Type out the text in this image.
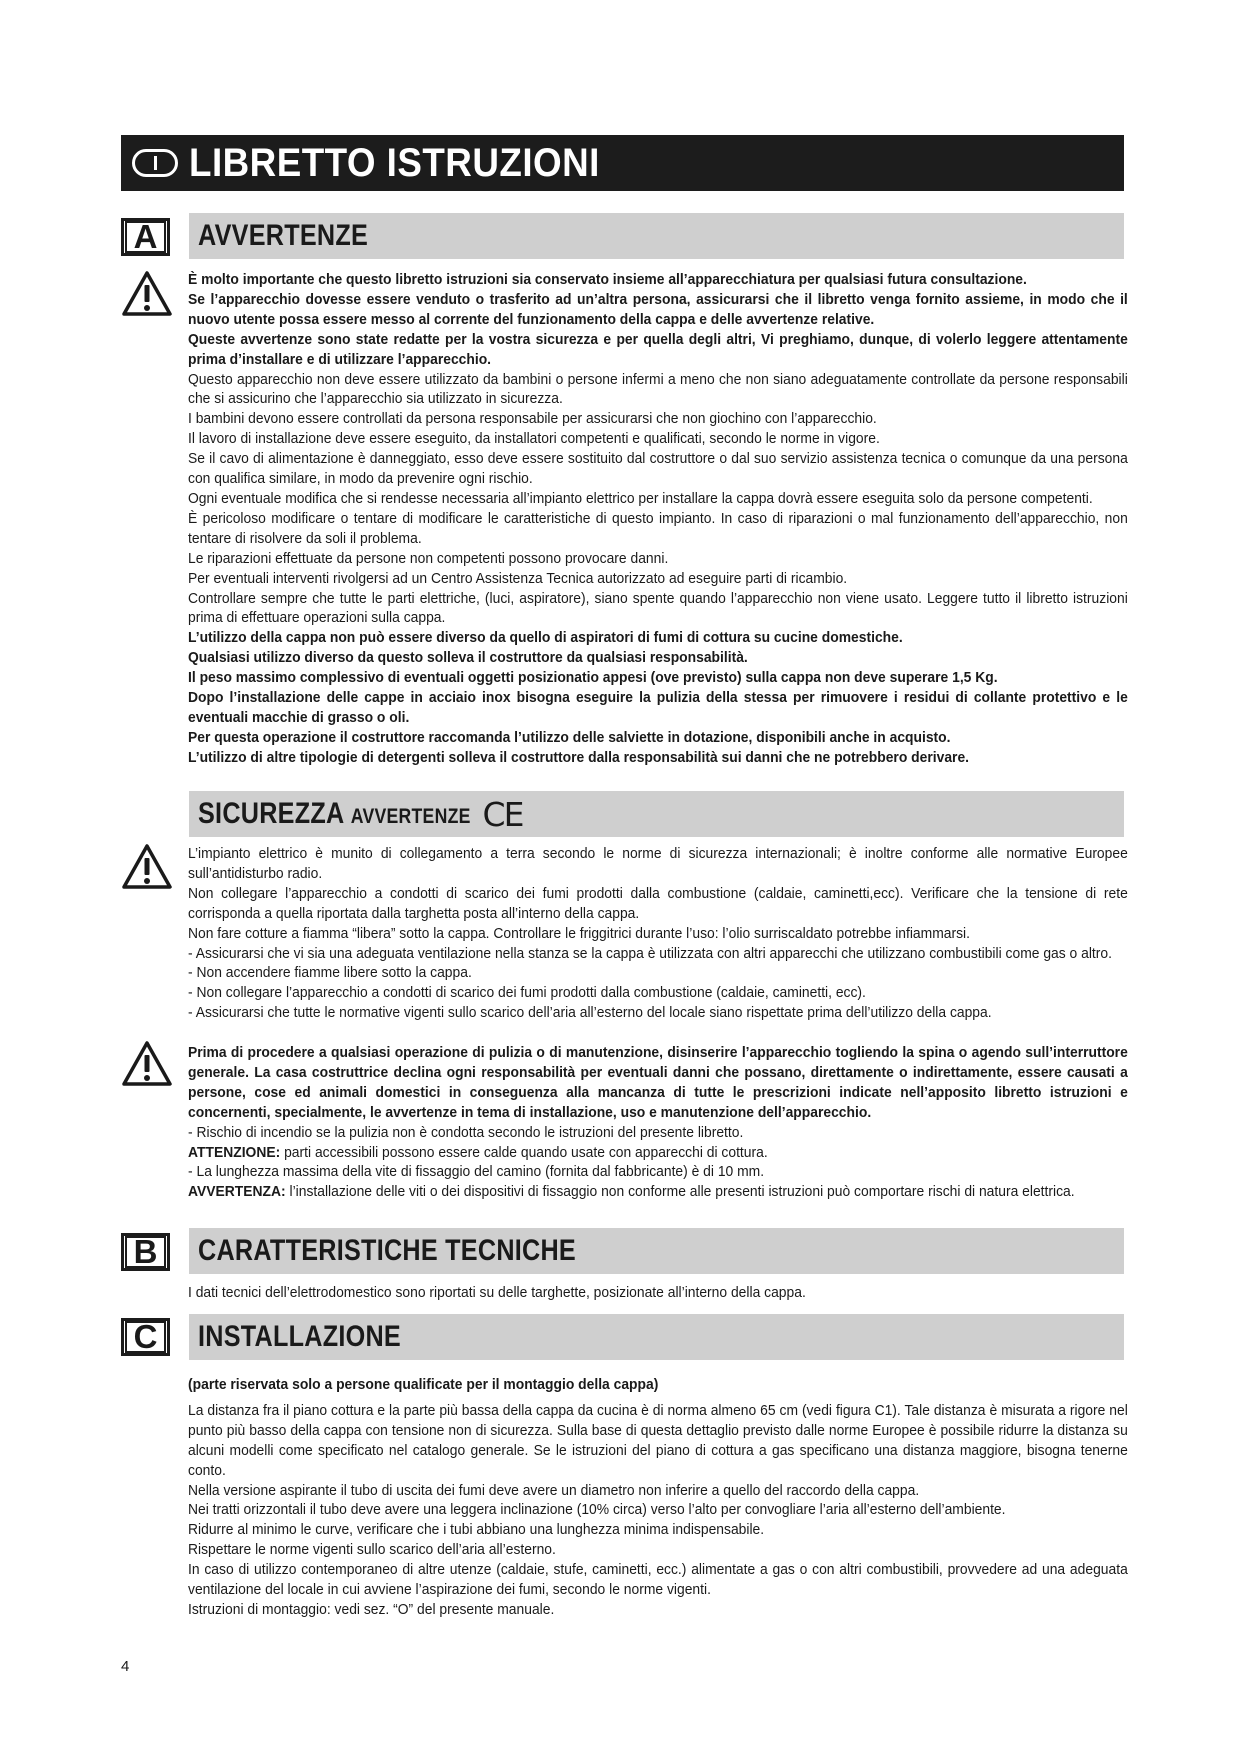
LIBRETTO ISTRUZIONI
A AVVERTENZE

È molto importante che questo libretto istruzioni sia conservato insieme all’apparecchiatura per qualsiasi futura consultazione.

Se l’apparecchio dovesse essere venduto o trasferito ad un’altra persona, assicurarsi che il libretto venga fornito assieme, in modo che il nuovo utente possa essere messo al corrente del funzionamento della cappa e delle avvertenze relative.

Queste avvertenze sono state redatte per la vostra sicurezza e per quella degli altri, Vi preghiamo, dunque, di volerlo leggere attentamente prima d’installare e di utilizzare l’apparecchio.

Questo apparecchio non deve essere utilizzato da bambini o persone infermi a meno che non siano adeguatamente controllate da persone responsabili che si assicurino che l’apparecchio sia utilizzato in sicurezza.

I bambini devono essere controllati da persona responsabile per assicurarsi che non giochino con l’apparecchio.

Il lavoro di installazione deve essere eseguito, da installatori competenti e qualificati, secondo le norme in vigore.

Se il cavo di alimentazione è danneggiato, esso deve essere sostituito dal costruttore o dal suo servizio assistenza tecnica o comunque da una persona con qualifica similare, in modo da prevenire ogni rischio.

Ogni eventuale modifica che si rendesse necessaria all’impianto elettrico per installare la cappa dovrà essere eseguita solo da persone competenti.

È pericoloso modificare o tentare di modificare le caratteristiche di questo impianto. In caso di riparazioni o mal funzionamento dell’apparecchio, non tentare di risolvere da soli il problema.

Le riparazioni effettuate da persone non competenti possono provocare danni.

Per eventuali interventi rivolgersi ad un Centro Assistenza Tecnica autorizzato ad eseguire parti di ricambio.

Controllare sempre che tutte le parti elettriche, (luci, aspiratore), siano spente quando l’apparecchio non viene usato. Leggere tutto il libretto istruzioni prima di effettuare operazioni sulla cappa.

L’utilizzo della cappa non può essere diverso da quello di aspiratori di fumi di cottura su cucine domestiche.

Qualsiasi utilizzo diverso da questo solleva il costruttore da qualsiasi responsabilità.

Il peso massimo complessivo di eventuali oggetti posizionatio appesi (ove previsto) sulla cappa non deve superare 1,5 Kg.

Dopo l’installazione delle cappe in acciaio inox bisogna eseguire la pulizia della stessa per rimuovere i residui di collante protettivo e le eventuali macchie di grasso o oli.

Per questa operazione il costruttore raccomanda l’utilizzo delle salviette in dotazione, disponibili anche in acquisto.

L’utilizzo di altre tipologie di detergenti solleva il costruttore dalla responsabilità sui danni che ne potrebbero derivare.

SICUREZZA AVVERTENZE CE

L’impianto elettrico è munito di collegamento a terra secondo le norme di sicurezza internazionali; è inoltre conforme alle normative Europee sull’antidisturbo radio.

Non collegare l’apparecchio a condotti di scarico dei fumi prodotti dalla combustione (caldaie, caminetti,ecc). Verificare che la tensione di rete corrisponda a quella riportata dalla targhetta posta all’interno della cappa.

Non fare cotture a fiamma “libera” sotto la cappa. Controllare le friggitrici durante l’uso: l’olio surriscaldato potrebbe infiammarsi.

- Assicurarsi che vi sia una adeguata ventilazione nella stanza se la cappa è utilizzata con altri apparecchi che utilizzano combustibili come gas o altro.

- Non accendere fiamme libere sotto la cappa.

- Non collegare l’apparecchio a condotti di scarico dei fumi prodotti dalla combustione (caldaie, caminetti, ecc).

- Assicurarsi che tutte le normative vigenti sullo scarico dell’aria all’esterno del locale siano rispettate prima dell’utilizzo della cappa.

Prima di procedere a qualsiasi operazione di pulizia o di manutenzione, disinserire l’apparecchio togliendo la spina o agendo sull’interruttore generale. La casa costruttrice declina ogni responsabilità per eventuali danni che possano, direttamente o indirettamente, essere causati a persone, cose ed animali domestici in conseguenza alla mancanza di tutte le prescrizioni indicate nell’apposito libretto istruzioni e concernenti, specialmente, le avvertenze in tema di installazione, uso e manutenzione dell’apparecchio.

- Rischio di incendio se la pulizia non è condotta secondo le istruzioni del presente libretto.

ATTENZIONE: parti accessibili possono essere calde quando usate con apparecchi di cottura.

- La lunghezza massima della vite di fissaggio del camino (fornita dal fabbricante) è di 10 mm.

AVVERTENZA: l’installazione delle viti o dei dispositivi di fissaggio non conforme alle presenti istruzioni può comportare rischi di natura elettrica.

B CARATTERISTICHE TECNICHE

I dati tecnici dell’elettrodomestico sono riportati su delle targhette, posizionate all’interno della cappa.

C INSTALLAZIONE

(parte riservata solo a persone qualificate per il montaggio della cappa)

La distanza fra il piano cottura e la parte più bassa della cappa da cucina è di norma almeno 65 cm (vedi figura C1). Tale distanza è misurata a rigore nel punto più basso della cappa con tensione non di sicurezza. Sulla base di questa dettaglio previsto dalle norme Europee è possibile ridurre la distanza su alcuni modelli come specificato nel catalogo generale. Se le istruzioni del piano di cottura a gas specificano una distanza maggiore, bisogna tenerne conto.

Nella versione aspirante il tubo di uscita dei fumi deve avere un diametro non inferire a quello del raccordo della cappa.

Nei tratti orizzontali il tubo deve avere una leggera inclinazione (10% circa) verso l’alto per convogliare l’aria all’esterno dell’ambiente.

Ridurre al minimo le curve, verificare che i tubi abbiano una lunghezza minima indispensabile.

Rispettare le norme vigenti sullo scarico dell’aria all’esterno.

In caso di utilizzo contemporaneo di altre utenze (caldaie, stufe, caminetti, ecc.) alimentate a gas o con altri combustibili, provvedere ad una adeguata ventilazione del locale in cui avviene l’aspirazione dei fumi, secondo le norme vigenti.

Istruzioni di montaggio: vedi sez. “O” del presente manuale.

4
